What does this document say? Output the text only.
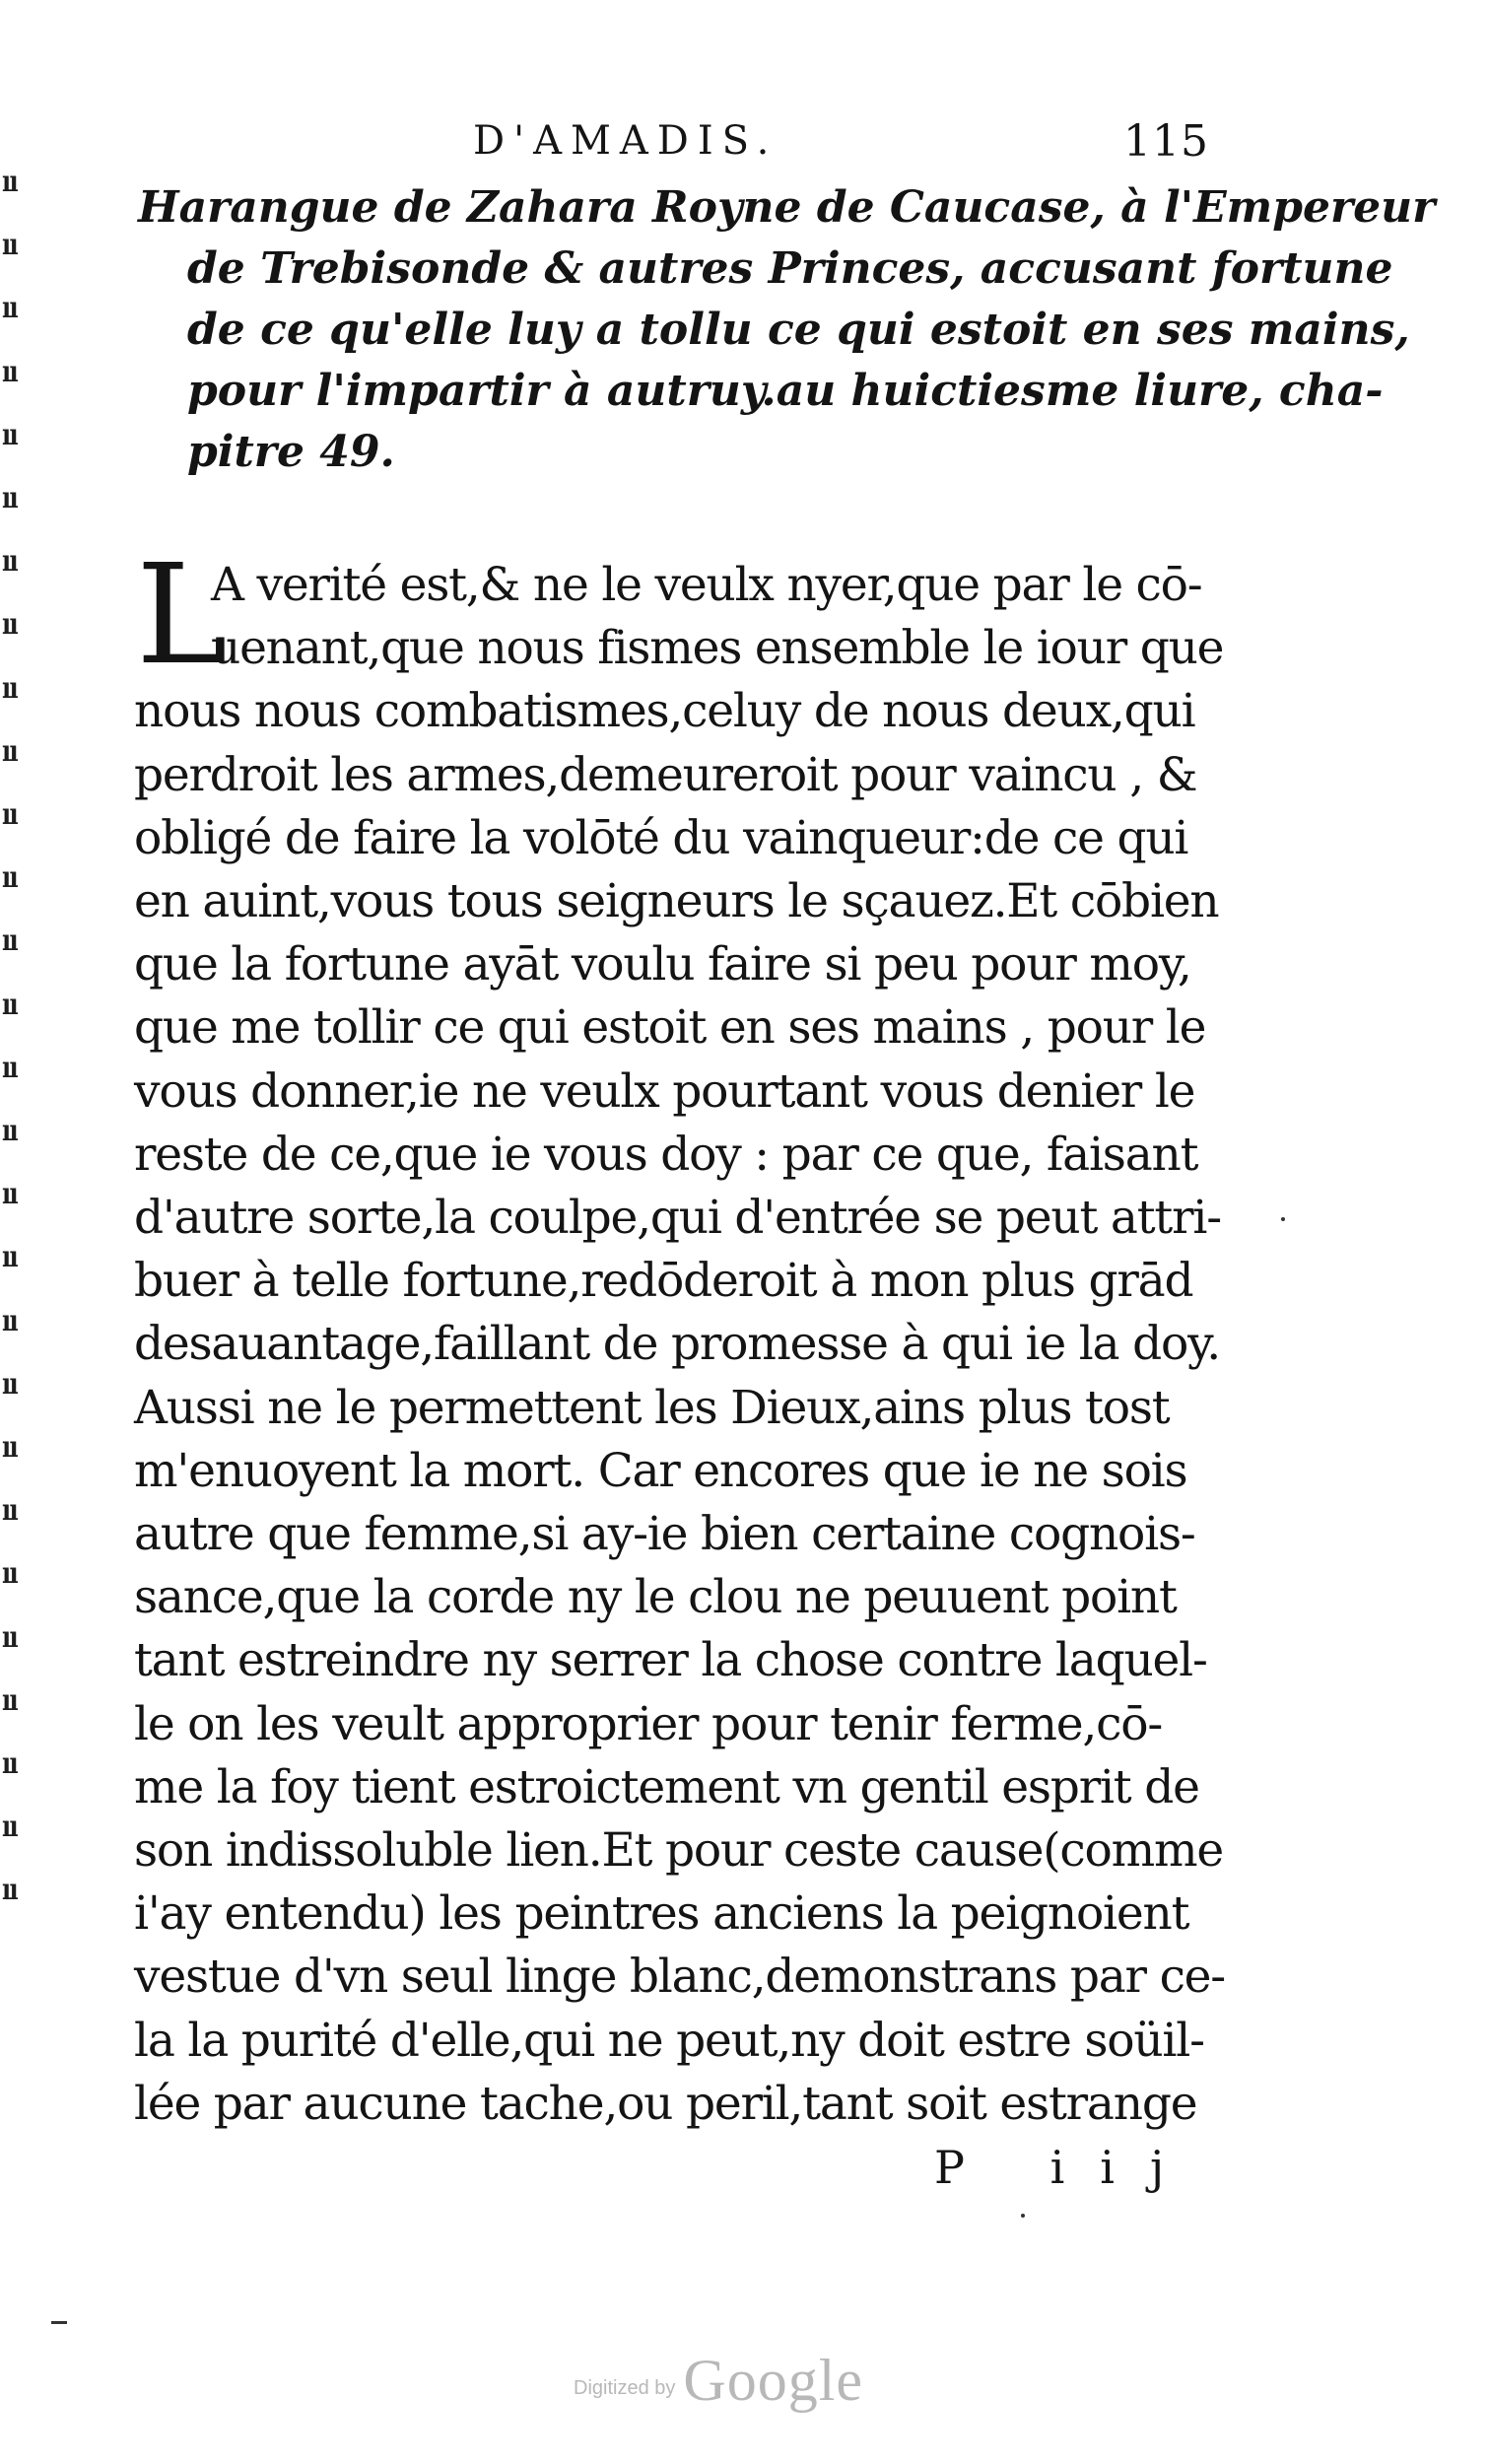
ıı
ıı
ıı
ıı
ıı
ıı
ıı
ıı
ıı
ıı
ıı
ıı
ıı
ıı
ıı
ıı
ıı
ıı
ıı
ıı
ıı
ıı
ıı
ıı
ıı
ıı
ıı
ıı
D'AMADIS.	115
Harangue de Zahara Royne de Caucase, à l'Empereur
de Trebisonde & autres Princes, accusant fortune
de ce qu'elle luy a tollu ce qui estoit en ses mains,
pour l'impartir à autruy.au huictiesme liure, cha-
pitre 49.
L
A verité est,& ne le veulx nyer,que par le cō-
uenant,que nous fismes ensemble le iour que
nous nous combatismes,celuy de nous deux,qui
perdroit les armes,demeureroit pour vaincu , &
obligé de faire la volōté du vainqueur:de ce qui
en auint,vous tous seigneurs le sçauez.Et cōbien
que la fortune ayāt voulu faire si peu pour moy,
que me tollir ce qui estoit en ses mains , pour le
vous donner,ie ne veulx pourtant vous denier le
reste de ce,que ie vous doy : par ce que, faisant
d'autre sorte,la coulpe,qui d'entrée se peut attri-
buer à telle fortune,redōderoit à mon plus grād
desauantage,faillant de promesse à qui ie la doy.
Aussi ne le permettent les Dieux,ains plus tost
m'enuoyent la mort. Car encores que ie ne sois
autre que femme,si ay-ie bien certaine cognois-
sance,que la corde ny le clou ne peuuent point
tant estreindre ny serrer la chose contre laquel-
le on les veult approprier pour tenir ferme,cō-
me la foy tient estroictement vn gentil esprit de
son indissoluble lien.Et pour ceste cause(comme
i'ay entendu) les peintres anciens la peignoient
vestue d'vn seul linge blanc,demonstrans par ce-
la la purité d'elle,qui ne peut,ny doit estre soüil-
lée par aucune tache,ou peril,tant soit estrange
P iij
Digitized by Google
